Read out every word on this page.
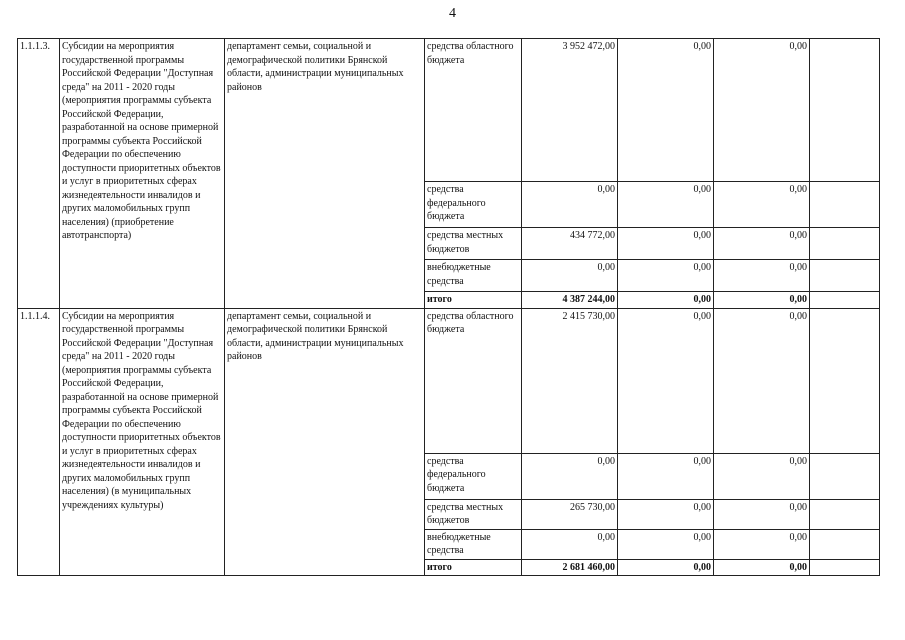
4
1.1.1.3.	Субсидии на мероприятия государственной программы Российской Федерации "Доступная среда" на 2011 - 2020 годы (мероприятия программы субъекта Российской Федерации, разработанной на основе примерной программы субъекта Российской Федерации по обеспечению доступности приоритетных объектов и услуг в приоритетных сферах жизнедеятельности инвалидов и других маломобильных групп населения) (приобретение автотранспорта)	департамент семьи, социальной и демографической политики Брянской области, администрации муниципальных районов	средства областного бюджета	3 952 472,00	0,00	0,00	
			средства федерального бюджета	0,00	0,00	0,00	
			средства местных бюджетов	434 772,00	0,00	0,00	
			внебюджетные средства	0,00	0,00	0,00	
			итого	4 387 244,00	0,00	0,00	
1.1.1.4.	Субсидии на мероприятия государственной программы Российской Федерации "Доступная среда" на 2011 - 2020 годы (мероприятия программы субъекта Российской Федерации, разработанной на основе примерной программы субъекта Российской Федерации по обеспечению доступности приоритетных объектов и услуг в приоритетных сферах жизнедеятельности инвалидов и других маломобильных групп населения) (в муниципальных учреждениях культуры)	департамент семьи, социальной и демографической политики Брянской области, администрации муниципальных районов	средства областного бюджета	2 415 730,00	0,00	0,00	
			средства федерального бюджета	0,00	0,00	0,00	
			средства местных бюджетов	265 730,00	0,00	0,00	
			внебюджетные средства	0,00	0,00	0,00	
			итого	2 681 460,00	0,00	0,00	
